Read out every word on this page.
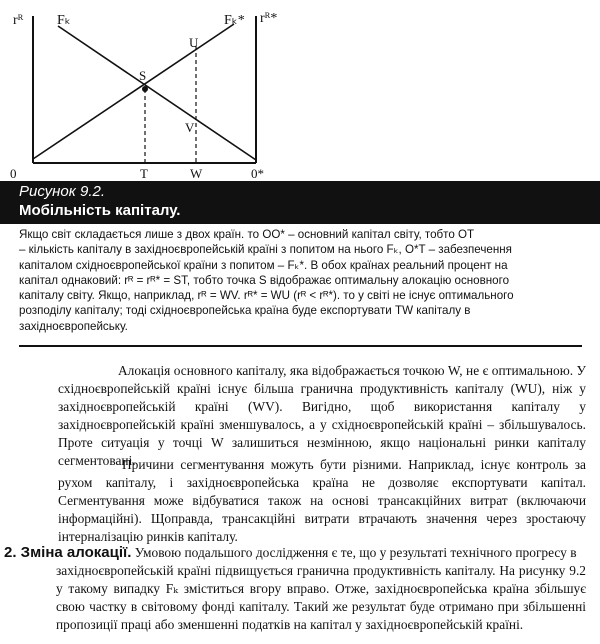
rᴿ Fₖ	Fₖ* rᴿ*
U
S
V
0	T	W	0*
Рисунок 9.2.
Мобільність капіталу.

Якщо світ складається лише з двох країн. то OO* – основний капітал світу, тобто OT
– кількість капіталу в західноєвропейській країні з попитом на нього Fₖ, O*T – забезпечення
капіталом східноєвропейської країни з попитом – Fₖ*. В обох країнах реальний процент на
капітал однаковий: rᴿ = rᴿ* = ST, тобто точка S відображає оптимальну алокацію основного
капіталу світу. Якщо, наприклад, rᴿ = WV. rᴿ* = WU (rᴿ < rᴿ*). то у світі не існує оптимального
розподілу капіталу; тоді східноєвропейська країна буде експортувати TW капіталу в
західноєвропейську.

Алокація основного капіталу, яка відображається точкою W, не є оптимальною. У східноєвропейській країні існує більша гранична продуктивність капіталу (WU), ніж у західноєвропейській країні (WV). Вигідно, щоб використання капіталу у західноєвропейській країні зменшувалось, а у східноєвропейській країні – збільшувалось. Проте ситуація у точці W залишиться незмінною, якщо національні ринки капіталу сегментовані.

Причини сегментування можуть бути різними. Наприклад, існує контроль за рухом капіталу, і західноєвропейська країна не дозволяє експортувати капітал. Сегментування може відбуватися також на основі трансакційних витрат (включаючи інформаційні). Щоправда, трансакційні витрати втрачають значення через зростаючу інтерналізацію ринків капіталу.

2. Зміна алокації. Умовою подальшого дослідження є те, що у результаті технічного прогресу в
західноєвропейській країні підвищується гранична продуктивність капіталу. На рисунку 9.2 у такому випадку Fₖ зміститься вгору вправо. Отже, західноєвропейська країна збільшує свою частку в світовому фонді капіталу. Такий же результат буде отримано при збільшенні пропозиції праці або зменшенні податків на капітал у західноєвропейській країні.
